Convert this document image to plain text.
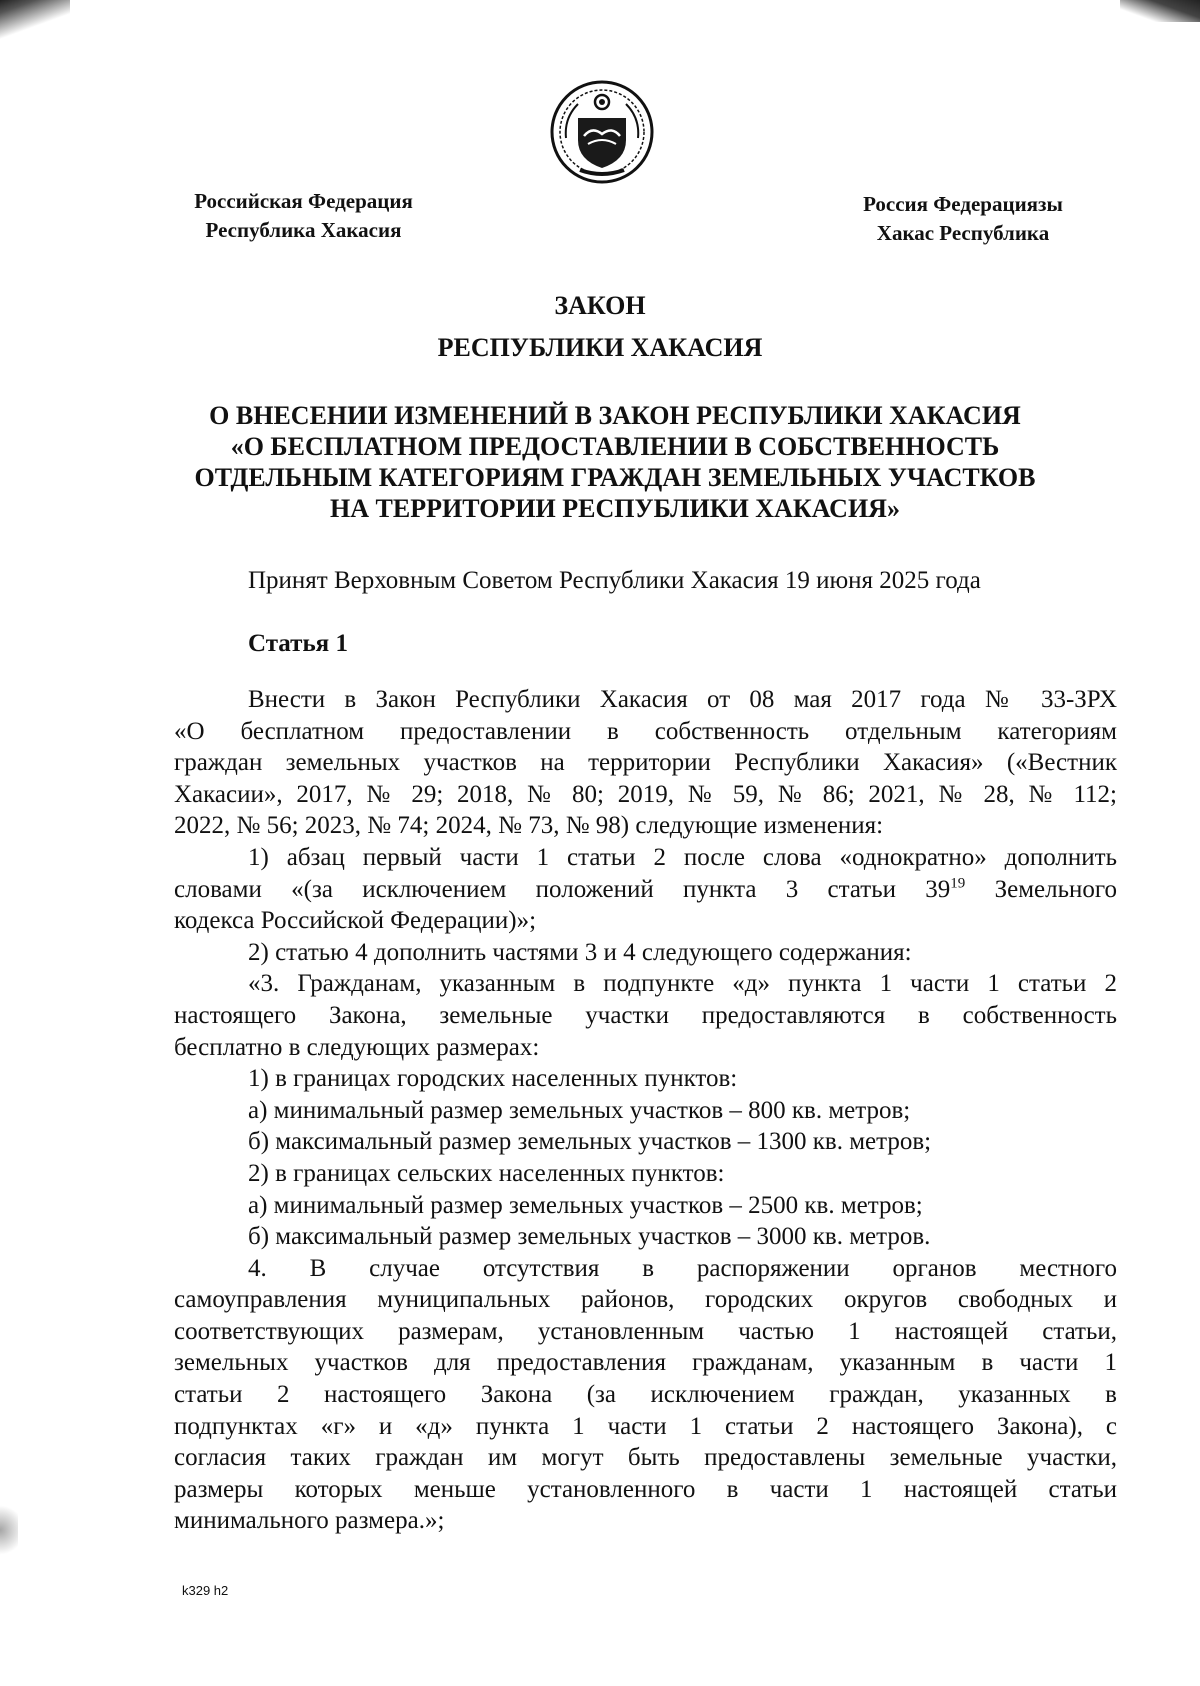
Российская Федерация
Республика Хакасия
Россия Федерациязы
Хакас Республика
ЗАКОН
РЕСПУБЛИКИ ХАКАСИЯ
О ВНЕСЕНИИ ИЗМЕНЕНИЙ В ЗАКОН РЕСПУБЛИКИ ХАКАСИЯ
«О БЕСПЛАТНОМ ПРЕДОСТАВЛЕНИИ В СОБСТВЕННОСТЬ
ОТДЕЛЬНЫМ КАТЕГОРИЯМ ГРАЖДАН ЗЕМЕЛЬНЫХ УЧАСТКОВ
НА ТЕРРИТОРИИ РЕСПУБЛИКИ ХАКАСИЯ»
Принят Верховным Советом Республики Хакасия 19 июня 2025 года
Статья 1

Внести в Закон Республики Хакасия от 08 мая 2017 года № 33-ЗРХ

«О бесплатном предоставлении в собственность отдельным категориям

граждан земельных участков на территории Республики Хакасия» («Вестник

Хакасии», 2017, № 29; 2018, № 80; 2019, № 59, № 86; 2021, № 28, № 112;

2022, № 56; 2023, № 74; 2024, № 73, № 98) следующие изменения:

1) абзац первый части 1 статьи 2 после слова «однократно» дополнить

словами «(за исключением положений пункта 3 статьи $39^{19}$ Земельного

кодекса Российской Федерации)»;

2) статью 4 дополнить частями 3 и 4 следующего содержания:

«3. Гражданам, указанным в подпункте «д» пункта 1 части 1 статьи 2

настоящего Закона, земельные участки предоставляются в собственность

бесплатно в следующих размерах:

1) в границах городских населенных пунктов:

а) минимальный размер земельных участков – 800 кв. метров;

б) максимальный размер земельных участков – 1300 кв. метров;

2) в границах сельских населенных пунктов:

а) минимальный размер земельных участков – 2500 кв. метров;

б) максимальный размер земельных участков – 3000 кв. метров.

4. В случае отсутствия в распоряжении органов местного

самоуправления муниципальных районов, городских округов свободных и

соответствующих размерам, установленным частью 1 настоящей статьи,

земельных участков для предоставления гражданам, указанным в части 1

статьи 2 настоящего Закона (за исключением граждан, указанных в

подпунктах «г» и «д» пункта 1 части 1 статьи 2 настоящего Закона), с

согласия таких граждан им могут быть предоставлены земельные участки,

размеры которых меньше установленного в части 1 настоящей статьи

минимального размера.»;

k329 h2
